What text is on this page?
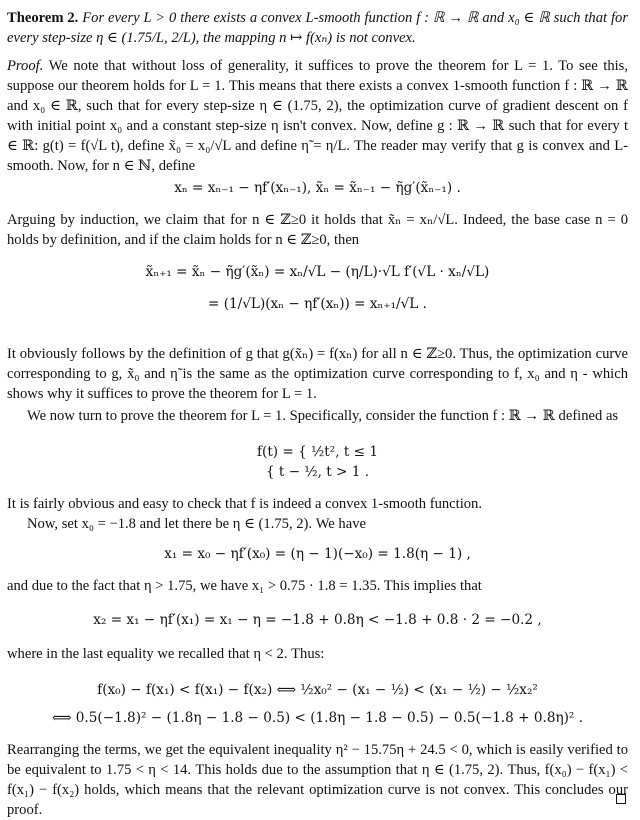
Theorem 2. For every L > 0 there exists a convex L-smooth function f : ℝ → ℝ and x₀ ∈ ℝ such that for every step-size η ∈ (1.75/L, 2/L), the mapping n ↦ f(xₙ) is not convex.
Proof. We note that without loss of generality, it suffices to prove the theorem for L = 1. To see this, suppose our theorem holds for L = 1. This means that there exists a convex 1-smooth function f : ℝ → ℝ and x₀ ∈ ℝ, such that for every step-size η ∈ (1.75, 2), the optimization curve of gradient descent on f with initial point x₀ and a constant step-size η isn't convex. Now, define g : ℝ → ℝ such that for every t ∈ ℝ: g(t) = f(√L t), define x̃₀ = x₀/√L and define η̃ = η/L. The reader may verify that g is convex and L-smooth. Now, for n ∈ ℕ, define
xₙ = xₙ₋₁ − ηf′(xₙ₋₁), x̃ₙ = x̃ₙ₋₁ − η̃g′(x̃ₙ₋₁) .
Arguing by induction, we claim that for n ∈ ℤ≥0 it holds that x̃ₙ = xₙ/√L. Indeed, the base case n = 0 holds by definition, and if the claim holds for n ∈ ℤ≥0, then
x̃ₙ₊₁ = x̃ₙ − η̃g′(x̃ₙ) = xₙ/√L − (η/L)·√L f′(√L · xₙ/√L)
= (1/√L)(xₙ − ηf′(xₙ)) = xₙ₊₁/√L .
It obviously follows by the definition of g that g(x̃ₙ) = f(xₙ) for all n ∈ ℤ≥0. Thus, the optimization curve corresponding to g, x̃₀ and η̃ is the same as the optimization curve corresponding to f, x₀ and η - which shows why it suffices to prove the theorem for L = 1.
We now turn to prove the theorem for L = 1. Specifically, consider the function f : ℝ → ℝ defined as
f(t) = { ½t², t ≤ 1
{ t − ½, t > 1 .
It is fairly obvious and easy to check that f is indeed a convex 1-smooth function.
Now, set x₀ = −1.8 and let there be η ∈ (1.75, 2). We have
x₁ = x₀ − ηf′(x₀) = (η − 1)(−x₀) = 1.8(η − 1) ,
and due to the fact that η > 1.75, we have x₁ > 0.75 · 1.8 = 1.35. This implies that
x₂ = x₁ − ηf′(x₁) = x₁ − η = −1.8 + 0.8η < −1.8 + 0.8 · 2 = −0.2 ,
where in the last equality we recalled that η < 2. Thus:
f(x₀) − f(x₁) < f(x₁) − f(x₂) ⟺ ½x₀² − (x₁ − ½) < (x₁ − ½) − ½x₂²
⟺ 0.5(−1.8)² − (1.8η − 1.8 − 0.5) < (1.8η − 1.8 − 0.5) − 0.5(−1.8 + 0.8η)² .
Rearranging the terms, we get the equivalent inequality η² − 15.75η + 24.5 < 0, which is easily verified to be equivalent to 1.75 < η < 14. This holds due to the assumption that η ∈ (1.75, 2). Thus, f(x₀) − f(x₁) < f(x₁) − f(x₂) holds, which means that the relevant optimization curve is not convex. This concludes our proof.
